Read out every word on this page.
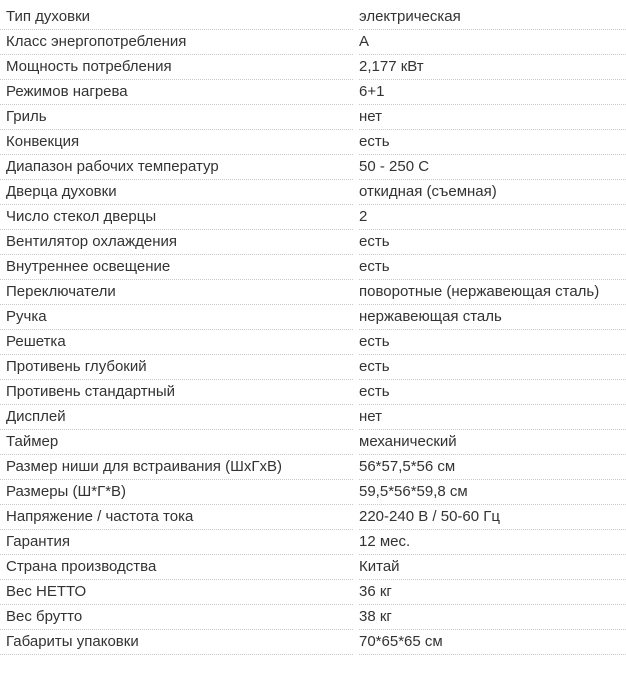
Тип духовки	электрическая
Класс энергопотребления	A
Мощность потребления	2,177 кВт
Режимов нагрева	6+1
Гриль	нет
Конвекция	есть
Диапазон рабочих температур	50 - 250 С
Дверца духовки	откидная (съемная)
Число стекол дверцы	2
Вентилятор охлаждения	есть
Внутреннее освещение	есть
Переключатели	поворотные (нержавеющая сталь)
Ручка	нержавеющая сталь
Решетка	есть
Противень глубокий	есть
Противень стандартный	есть
Дисплей	нет
Таймер	механический
Размер ниши для встраивания (ШхГхВ)	56*57,5*56 см
Размеры (Ш*Г*В)	59,5*56*59,8 см
Напряжение / частота тока	220-240 В / 50-60 Гц
Гарантия	12 мес.
Страна производства	Китай
Вес НЕТТО	36 кг
Вес брутто	38 кг
Габариты упаковки	70*65*65 см
